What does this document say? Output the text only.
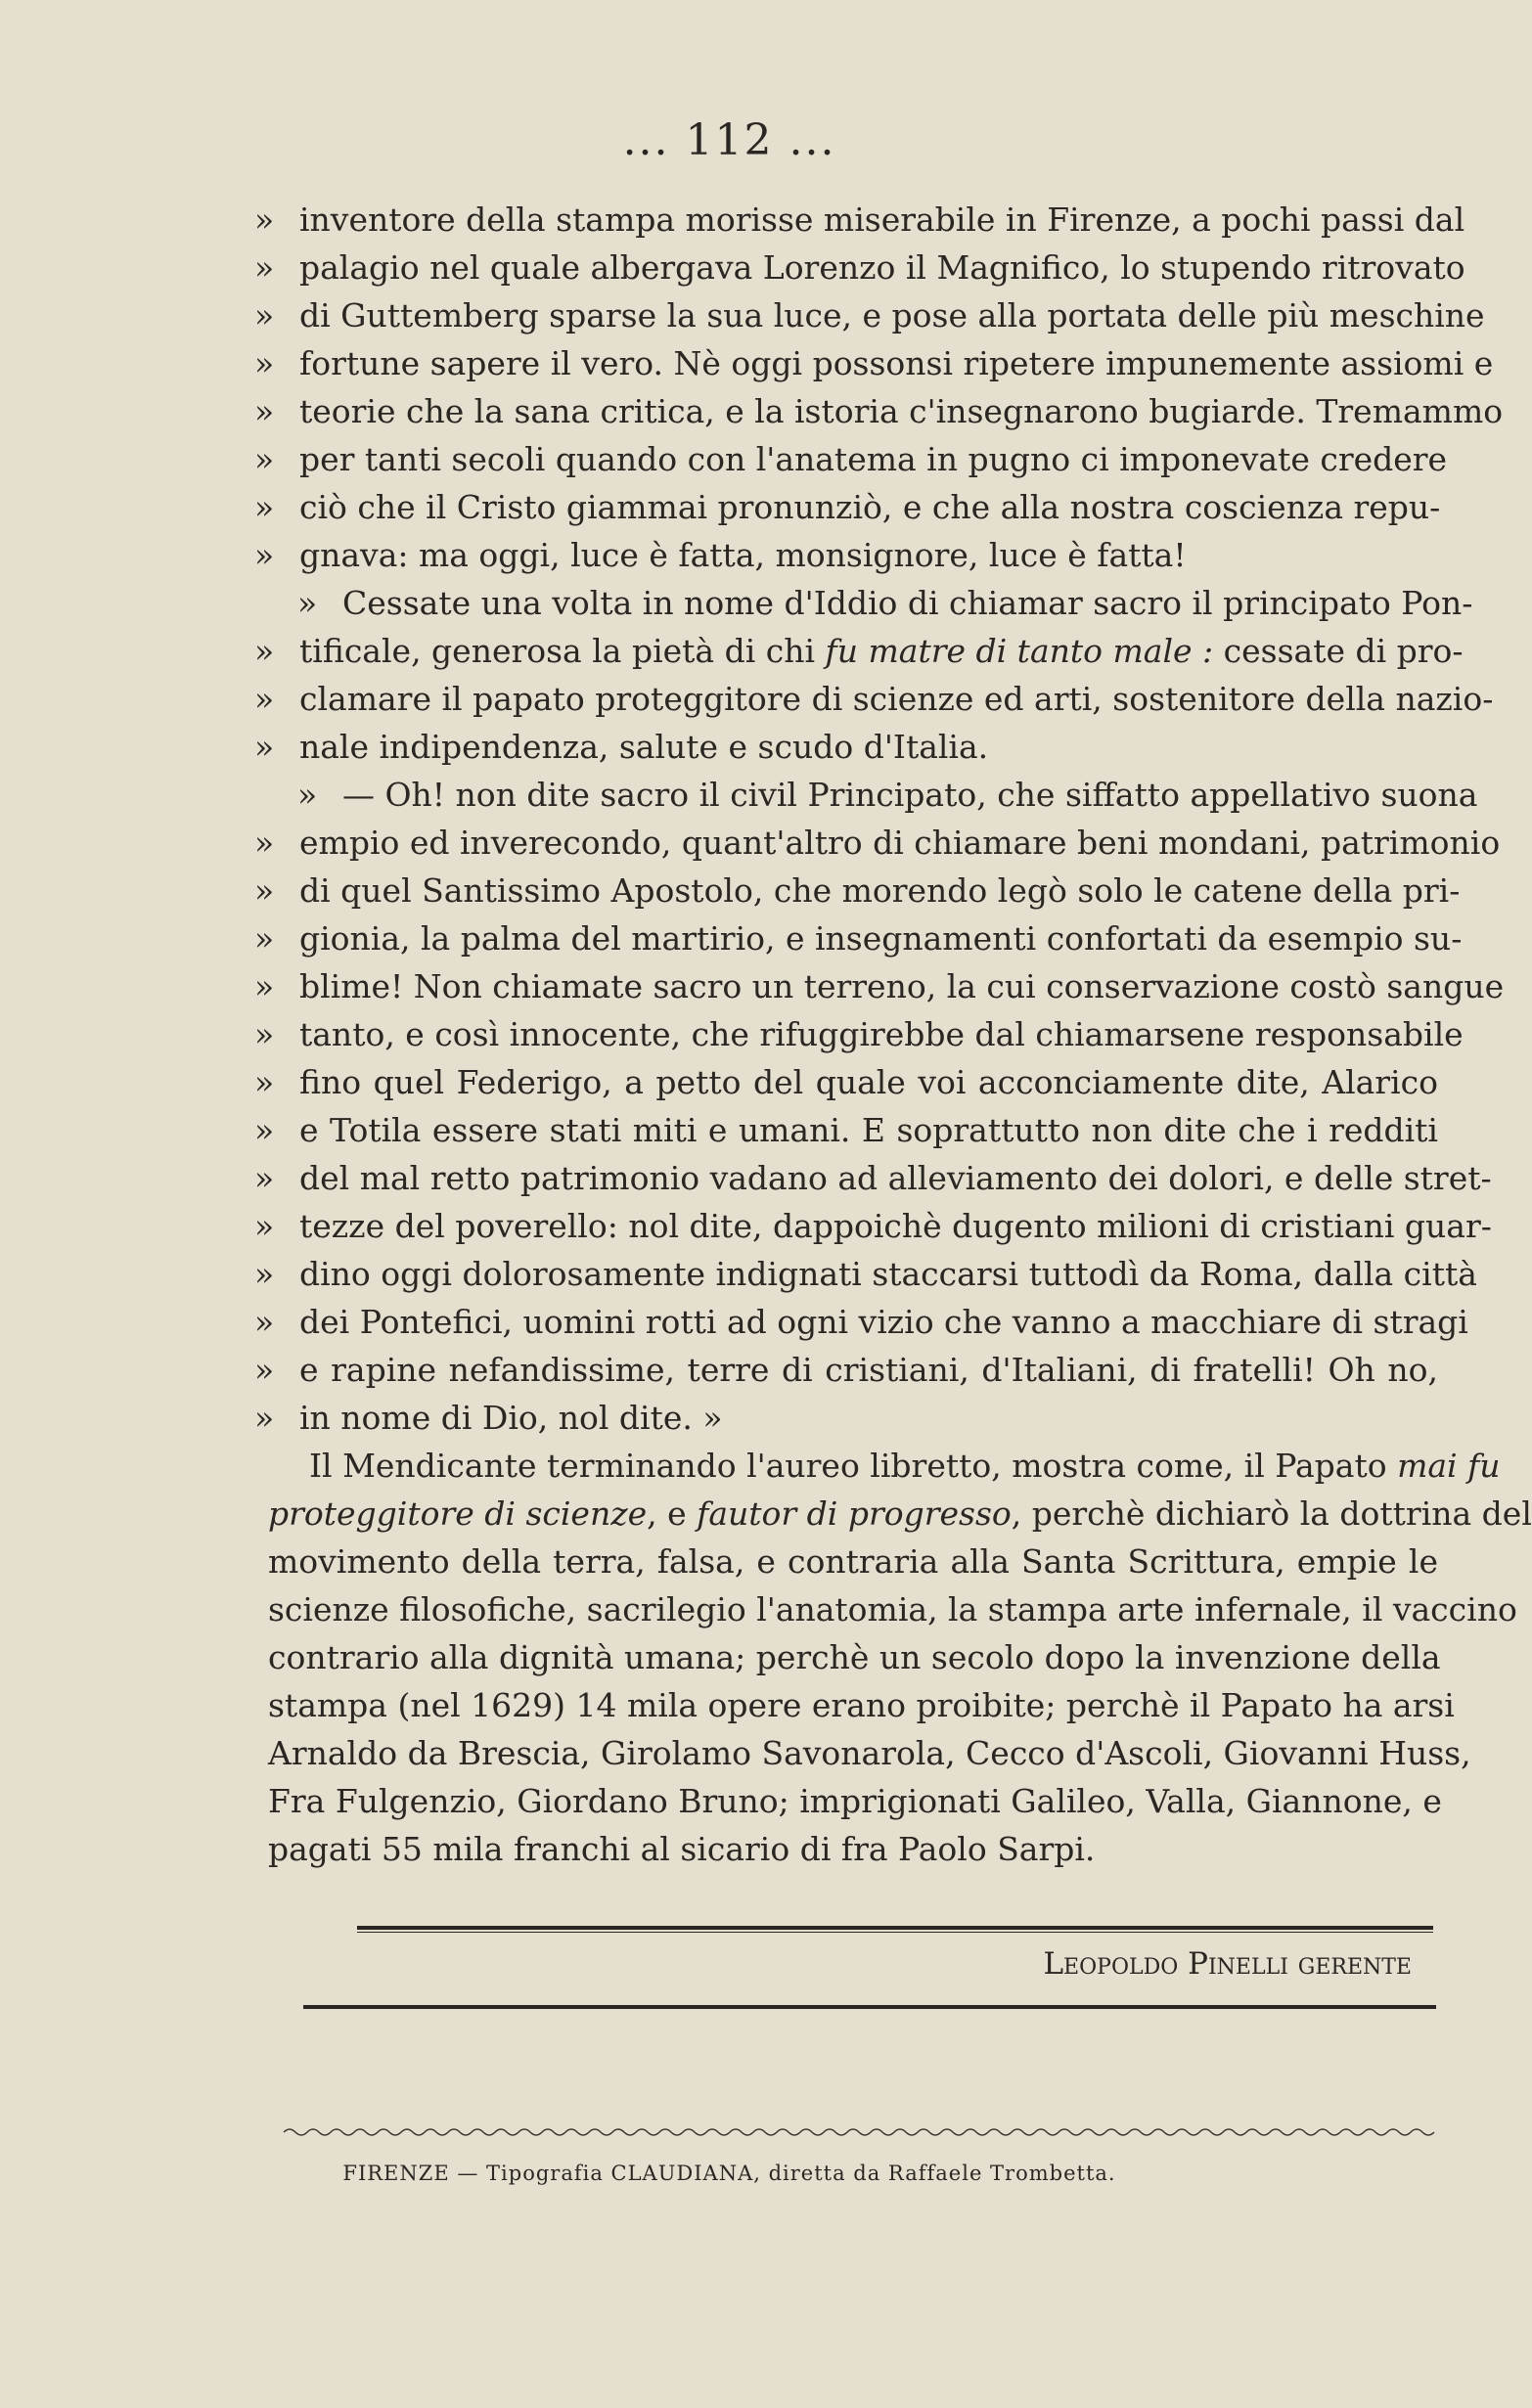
... 112 ...
» inventore della stampa morisse miserabile in Firenze, a pochi passi dal
» palagio nel quale albergava Lorenzo il Magnifico, lo stupendo ritrovato
» di Guttemberg sparse la sua luce, e pose alla portata delle più meschine
» fortune sapere il vero. Nè oggi possonsi ripetere impunemente assiomi e
» teorie che la sana critica, e la istoria c'insegnarono bugiarde. Tremammo
» per tanti secoli quando con l'anatema in pugno ci imponevate credere
» ciò che il Cristo giammai pronunziò, e che alla nostra coscienza repu-
» gnava: ma oggi, luce è fatta, monsignore, luce è fatta!
» Cessate una volta in nome d'Iddio di chiamar sacro il principato Pon-
» tificale, generosa la pietà di chi fu matre di tanto male : cessate di pro-
» clamare il papato proteggitore di scienze ed arti, sostenitore della nazio-
» nale indipendenza, salute e scudo d'Italia.
» — Oh! non dite sacro il civil Principato, che siffatto appellativo suona
» empio ed inverecondo, quant'altro di chiamare beni mondani, patrimonio
» di quel Santissimo Apostolo, che morendo legò solo le catene della pri-
» gionia, la palma del martirio, e insegnamenti confortati da esempio su-
» blime! Non chiamate sacro un terreno, la cui conservazione costò sangue
» tanto, e così innocente, che rifuggirebbe dal chiamarsene responsabile
» fino quel Federigo, a petto del quale voi acconciamente dite, Alarico
» e Totila essere stati miti e umani. E soprattutto non dite che i redditi
» del mal retto patrimonio vadano ad alleviamento dei dolori, e delle stret-
» tezze del poverello: nol dite, dappoichè dugento milioni di cristiani guar-
» dino oggi dolorosamente indignati staccarsi tuttodì da Roma, dalla città
» dei Pontefici, uomini rotti ad ogni vizio che vanno a macchiare di stragi
» e rapine nefandissime, terre di cristiani, d'Italiani, di fratelli! Oh no,
» in nome di Dio, nol dite. »
Il Mendicante terminando l'aureo libretto, mostra come, il Papato mai fu
proteggitore di scienze, e fautor di progresso, perchè dichiarò la dottrina del
movimento della terra, falsa, e contraria alla Santa Scrittura, empie le
scienze filosofiche, sacrilegio l'anatomia, la stampa arte infernale, il vaccino
contrario alla dignità umana; perchè un secolo dopo la invenzione della
stampa (nel 1629) 14 mila opere erano proibite; perchè il Papato ha arsi
Arnaldo da Brescia, Girolamo Savonarola, Cecco d'Ascoli, Giovanni Huss,
Fra Fulgenzio, Giordano Bruno; imprigionati Galileo, Valla, Giannone, e
pagati 55 mila franchi al sicario di fra Paolo Sarpi.
Leopoldo Pinelli gerente
FIRENZE — Tipografia CLAUDIANA, diretta da Raffaele Trombetta.
